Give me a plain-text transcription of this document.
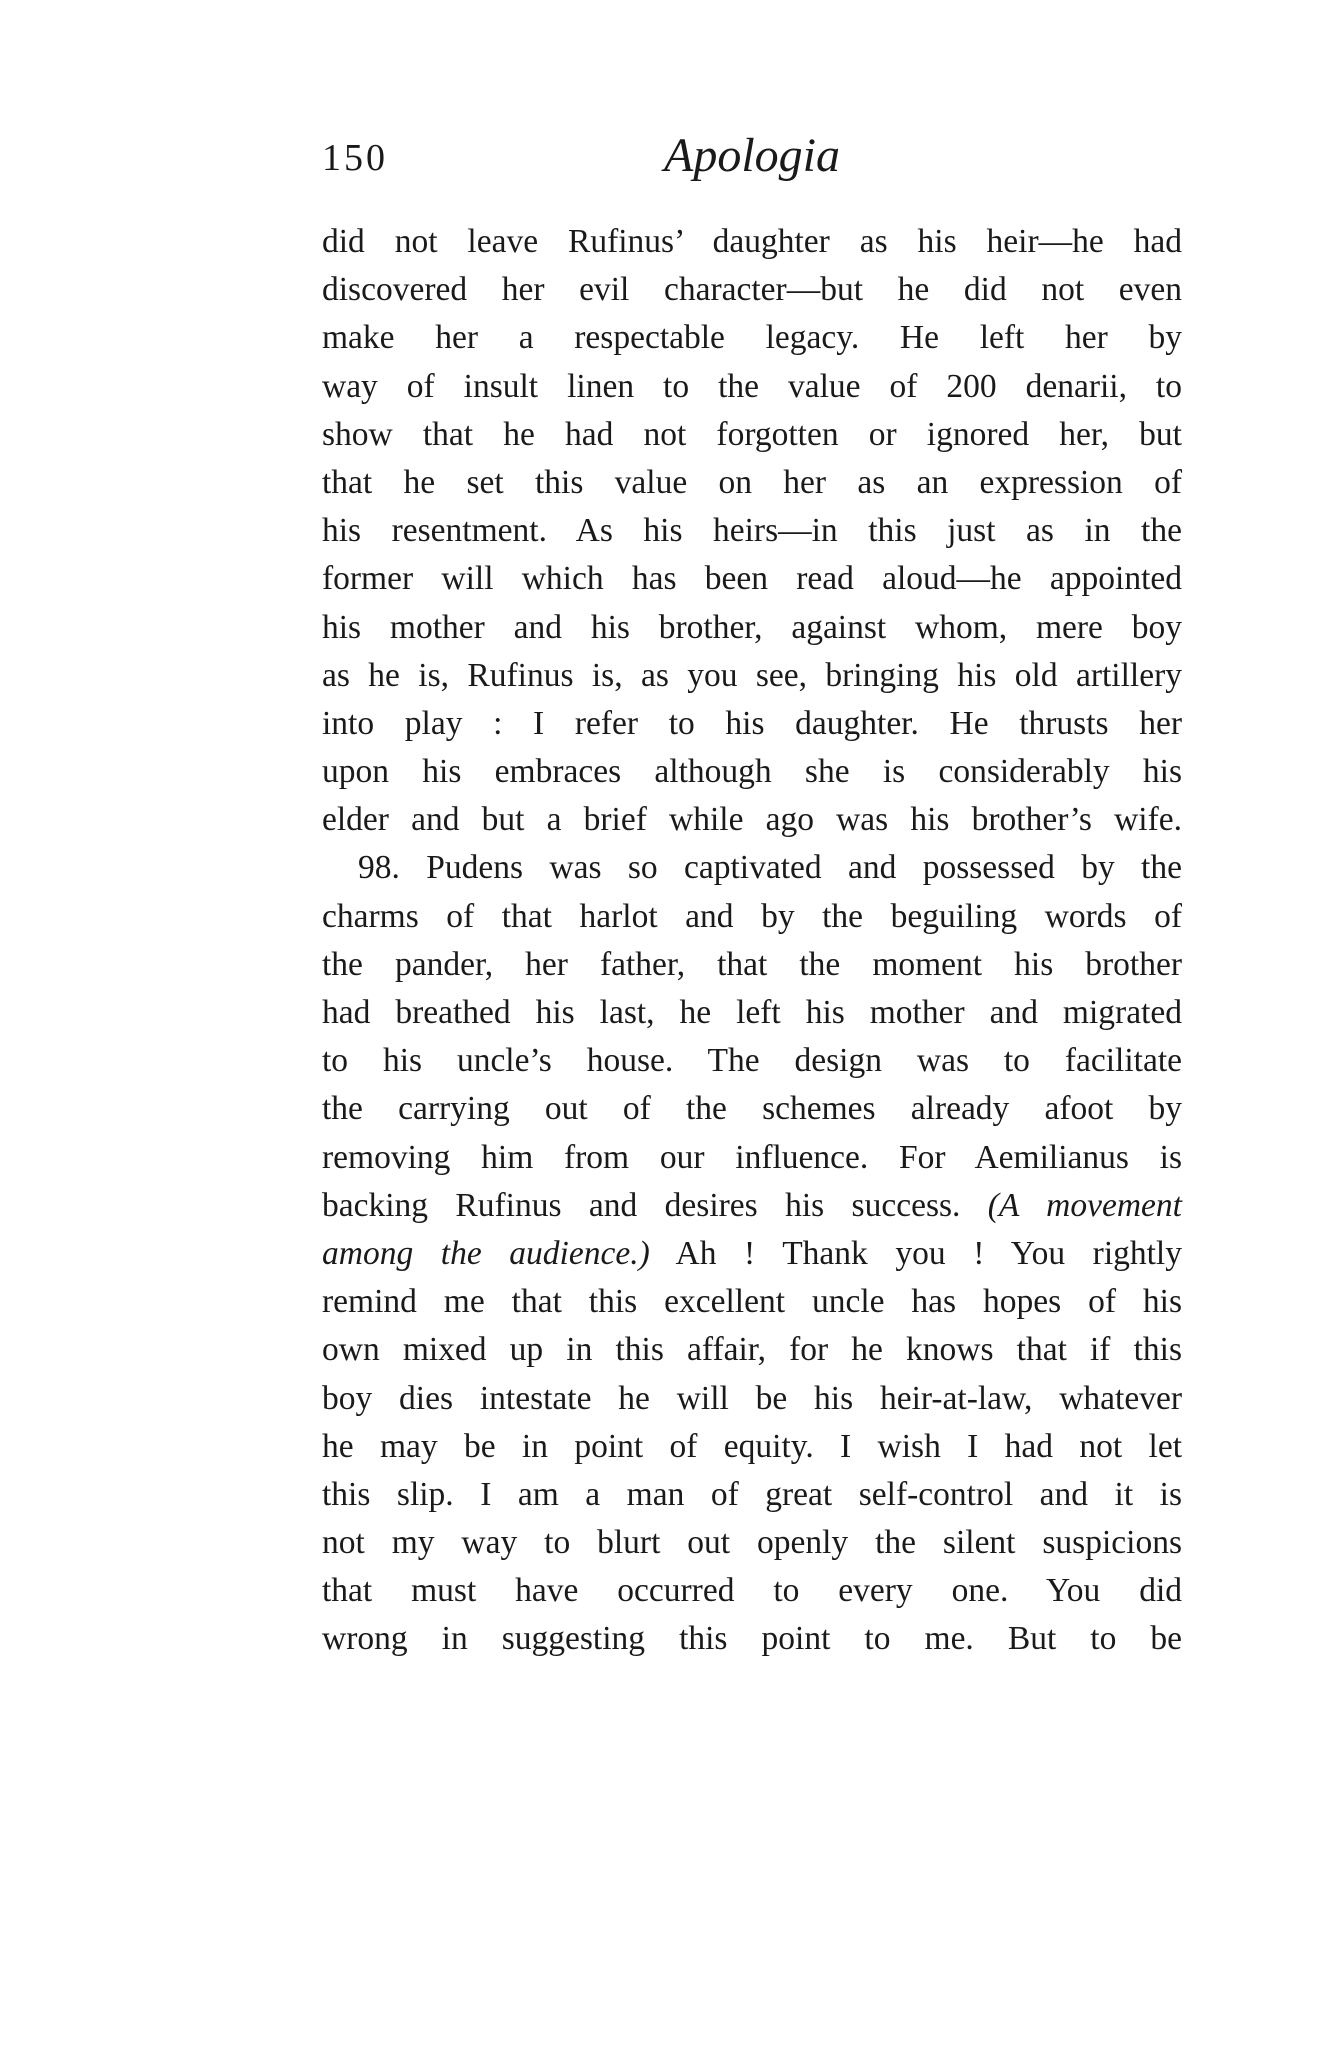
150	Apologia
did not leave Rufinus’ daughter as his heir—he had
discovered her evil character—but he did not even
make her a respectable legacy. He left her by
way of insult linen to the value of 200 denarii, to
show that he had not forgotten or ignored her, but
that he set this value on her as an expression of
his resentment. As his heirs—in this just as in the
former will which has been read aloud—he appointed
his mother and his brother, against whom, mere boy
as he is, Rufinus is, as you see, bringing his old artillery
into play : I refer to his daughter. He thrusts her
upon his embraces although she is considerably his
elder and but a brief while ago was his brother’s wife.
98. Pudens was so captivated and possessed by the
charms of that harlot and by the beguiling words of
the pander, her father, that the moment his brother
had breathed his last, he left his mother and migrated
to his uncle’s house. The design was to facilitate
the carrying out of the schemes already afoot by
removing him from our influence. For Aemilianus is
backing Rufinus and desires his success. (A movement
among the audience.) Ah ! Thank you ! You rightly
remind me that this excellent uncle has hopes of his
own mixed up in this affair, for he knows that if this
boy dies intestate he will be his heir-at-law, whatever
he may be in point of equity. I wish I had not let
this slip. I am a man of great self-control and it is
not my way to blurt out openly the silent suspicions
that must have occurred to every one. You did
wrong in suggesting this point to me. But to be
